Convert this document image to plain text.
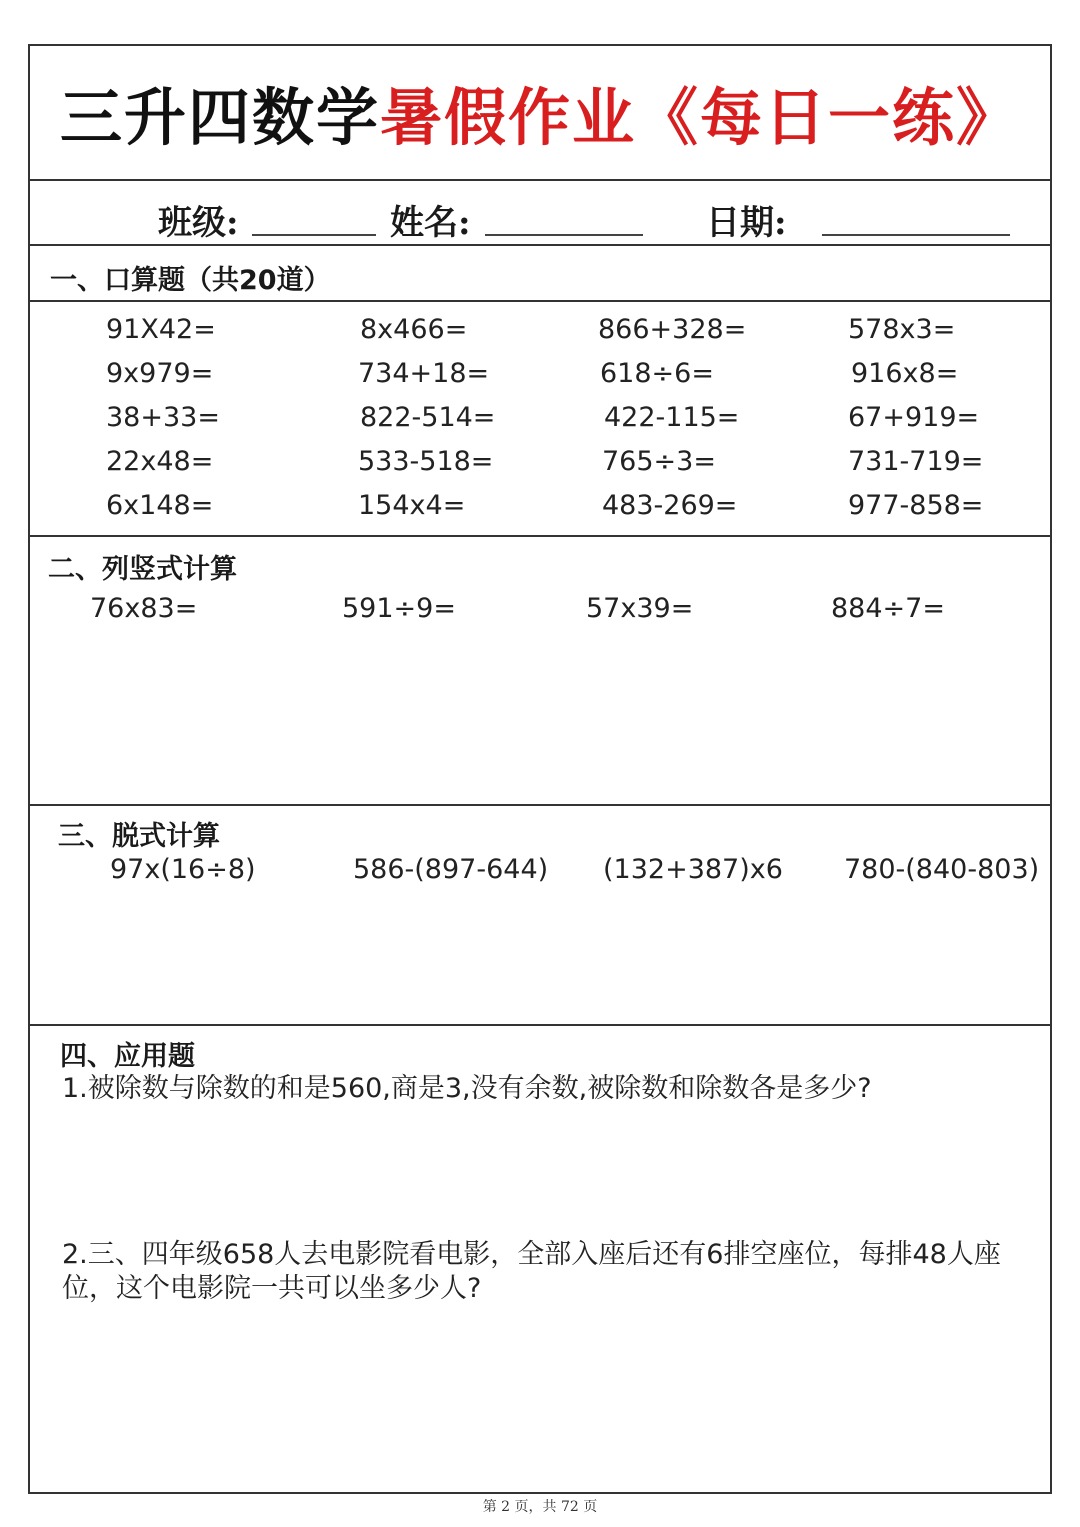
三升四数学暑假作业《每日一练》
班级:	姓名:	日期:
一、口算题（共20道）
91X42=	8x466=	866+328=	578x3=
9x979=	734+18=	618÷6=	916x8=
38+33=	822-514=	422-115=	67+919=
22x48=	533-518=	765÷3=	731-719=
6x148=	154x4=	483-269=	977-858=
二、列竖式计算
76x83=	591÷9=	57x39=	884÷7=
三、脱式计算
97x(16÷8)	586-(897-644) (132+387)x6 780-(840-803)
四、应用题
1.被除数与除数的和是560,商是3,没有余数,被除数和除数各是多少?
2.三、四年级658人去电影院看电影，全部入座后还有6排空座位，每排48人座位，这个电影院一共可以坐多少人?
第 2 页，共 72 页
